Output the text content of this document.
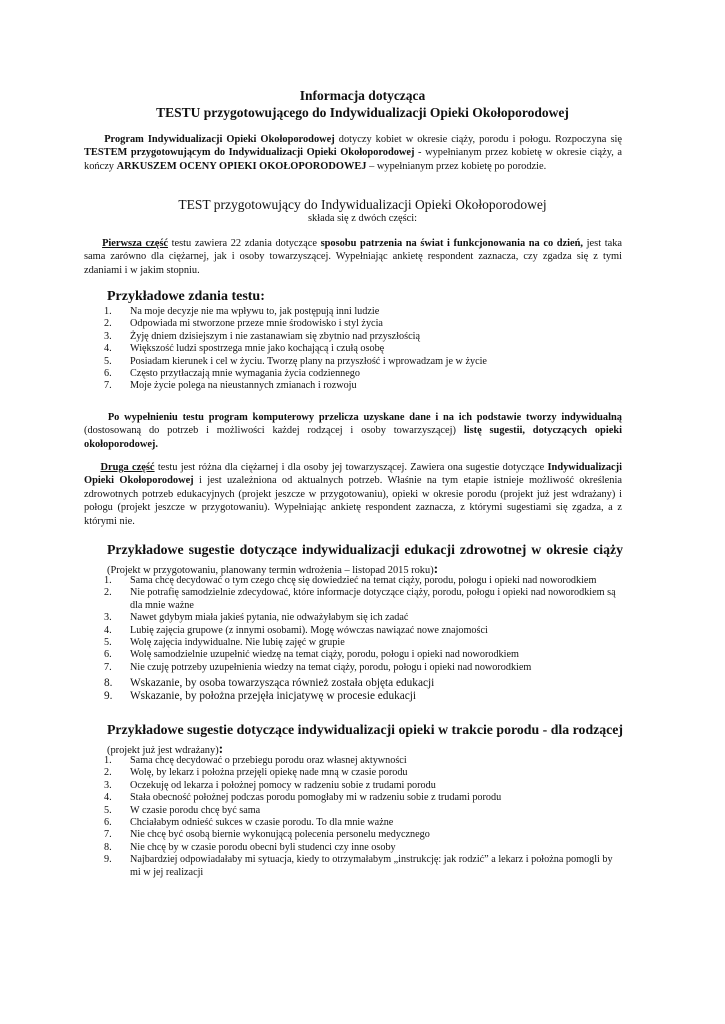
Informacja dotycząca
TESTU przygotowującego do Indywidualizacji Opieki Okołoporodowej
Program Indywidualizacji Opieki Okołoporodowej dotyczy kobiet w okresie ciąży, porodu i połogu. Rozpoczyna się TESTEM przygotowującym do Indywidualizacji Opieki Okołoporodowej - wypełnianym przez kobietę w okresie ciąży, a kończy ARKUSZEM OCENY OPIEKI OKOŁOPORODOWEJ – wypełnianym przez kobietę po porodzie.
TEST przygotowujący do Indywidualizacji Opieki Okołoporodowej
składa się z dwóch części:
Pierwsza część testu zawiera 22 zdania dotyczące sposobu patrzenia na świat i funkcjonowania na co dzień, jest taka sama zarówno dla ciężarnej, jak i osoby towarzyszącej. Wypełniając ankietę respondent zaznacza, czy zgadza się z tymi zdaniami i w jakim stopniu.
Przykładowe zdania testu:
1. Na moje decyzje nie ma wpływu to, jak postępują inni ludzie
2. Odpowiada mi stworzone przeze mnie środowisko i styl życia
3. Żyję dniem dzisiejszym i nie zastanawiam się zbytnio nad przyszłością
4. Większość ludzi spostrzega mnie jako kochającą i czułą osobę
5. Posiadam kierunek i cel w życiu. Tworzę plany na przyszłość i wprowadzam je w życie
6. Często przytłaczają mnie wymagania życia codziennego
7. Moje życie polega na nieustannych zmianach i rozwoju
Po wypełnieniu testu program komputerowy przelicza uzyskane dane i na ich podstawie tworzy indywidualną (dostosowaną do potrzeb i możliwości każdej rodzącej i osoby towarzyszącej) listę sugestii, dotyczących opieki okołoporodowej.
Druga część testu jest różna dla ciężarnej i dla osoby jej towarzyszącej. Zawiera ona sugestie dotyczące Indywidualizacji Opieki Okołoporodowej i jest uzależniona od aktualnych potrzeb. Właśnie na tym etapie istnieje możliwość określenia zdrowotnych potrzeb edukacyjnych (projekt jeszcze w przygotowaniu), opieki w okresie porodu (projekt już jest wdrażany) i połogu (projekt jeszcze w przygotowaniu). Wypełniając ankietę respondent zaznacza, z którymi sugestiami się zgadza, a z którymi nie.
Przykładowe sugestie dotyczące indywidualizacji edukacji zdrowotnej w okresie ciąży (Projekt w przygotowaniu, planowany termin wdrożenia – listopad 2015 roku):
1. Sama chcę decydować o tym czego chcę się dowiedzieć na temat ciąży, porodu, połogu i opieki nad noworodkiem
2. Nie potrafię samodzielnie zdecydować, które informacje dotyczące ciąży, porodu, połogu i opieki nad noworodkiem są dla mnie ważne
3. Nawet gdybym miała jakieś pytania, nie odważyłabym się ich zadać
4. Lubię zajęcia grupowe (z innymi osobami). Mogę wówczas nawiązać nowe znajomości
5. Wolę zajęcia indywidualne. Nie lubię zajęć w grupie
6. Wolę samodzielnie uzupełnić wiedzę na temat ciąży, porodu, połogu i opieki nad noworodkiem
7. Nie czuję potrzeby uzupełnienia wiedzy na temat ciąży, porodu, połogu i opieki nad noworodkiem
8. Wskazanie, by osoba towarzysząca również została objęta edukacji
9. Wskazanie, by położna przejęła inicjatywę w procesie edukacji
Przykładowe sugestie dotyczące indywidualizacji opieki w trakcie porodu - dla rodzącej (projekt już jest wdrażany):
1. Sama chcę decydować o przebiegu porodu oraz własnej aktywności
2. Wolę, by lekarz i położna przejęli opiekę nade mną w czasie porodu
3. Oczekuję od lekarza i położnej pomocy w radzeniu sobie z trudami porodu
4. Stała obecność położnej podczas porodu pomogłaby mi w radzeniu sobie z trudami porodu
5. W czasie porodu chcę być sama
6. Chciałabym odnieść sukces w czasie porodu. To dla mnie ważne
7. Nie chcę być osobą biernie wykonującą polecenia personelu medycznego
8. Nie chcę by w czasie porodu obecni byli studenci czy inne osoby
9. Najbardziej odpowiadałaby mi sytuacja, kiedy to otrzymałabym „instrukcję: jak rodzić” a lekarz i położna pomogli by mi w jej realizacji
